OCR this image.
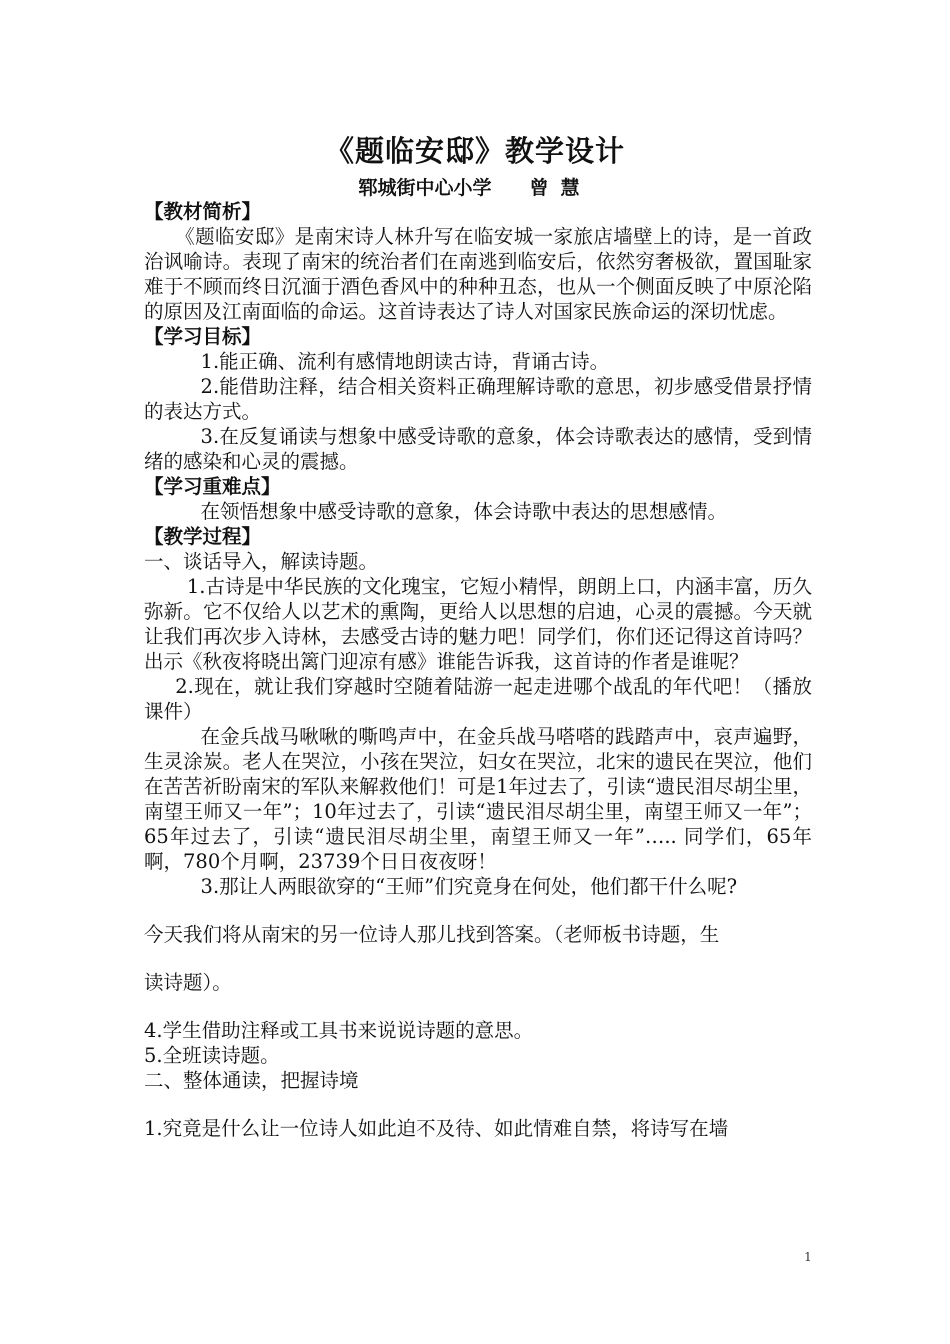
《题临安邸》教学设计
郓城街中心小学 曾慧

【教材简析】

《题临安邸》是南宋诗人林升写在临安城一家旅店墙壁上的诗，是一首政治讽喻诗。表现了南宋的统治者们在南逃到临安后，依然穷奢极欲，置国耻家难于不顾而终日沉湎于酒色香风中的种种丑态，也从一个侧面反映了中原沦陷的原因及江南面临的命运。这首诗表达了诗人对国家民族命运的深切忧虑。

【学习目标】

1.能正确、流利有感情地朗读古诗，背诵古诗。

2.能借助注释，结合相关资料正确理解诗歌的意思，初步感受借景抒情的表达方式。

3.在反复诵读与想象中感受诗歌的意象，体会诗歌表达的感情，受到情绪的感染和心灵的震撼。

【学习重难点】

在领悟想象中感受诗歌的意象，体会诗歌中表达的思想感情。

【教学过程】

一、谈话导入，解读诗题。

1.古诗是中华民族的文化瑰宝，它短小精悍，朗朗上口，内涵丰富，历久弥新。它不仅给人以艺术的熏陶，更给人以思想的启迪，心灵的震撼。今天就让我们再次步入诗林，去感受古诗的魅力吧！同学们，你们还记得这首诗吗？出示《秋夜将晓出篱门迎凉有感》谁能告诉我，这首诗的作者是谁呢？

2.现在，就让我们穿越时空随着陆游一起走进哪个战乱的年代吧！（播放课件）

在金兵战马啾啾的嘶鸣声中，在金兵战马嗒嗒的践踏声中，哀声遍野，生灵涂炭。老人在哭泣，小孩在哭泣，妇女在哭泣，北宋的遗民在哭泣，他们在苦苦祈盼南宋的军队来解救他们！可是1年过去了，引读“遗民泪尽胡尘里，南望王师又一年”；10年过去了，引读“遗民泪尽胡尘里，南望王师又一年”；65年过去了，引读“遗民泪尽胡尘里，南望王师又一年”….. 同学们，65年啊，780个月啊，23739个日日夜夜呀！

3.那让人两眼欲穿的“王师”们究竟身在何处，他们都干什么呢?

今天我们将从南宋的另一位诗人那儿找到答案。（老师板书诗题，生

读诗题）。

4.学生借助注释或工具书来说说诗题的意思。

5.全班读诗题。

二、整体通读，把握诗境

1.究竟是什么让一位诗人如此迫不及待、如此情难自禁，将诗写在墙

1
